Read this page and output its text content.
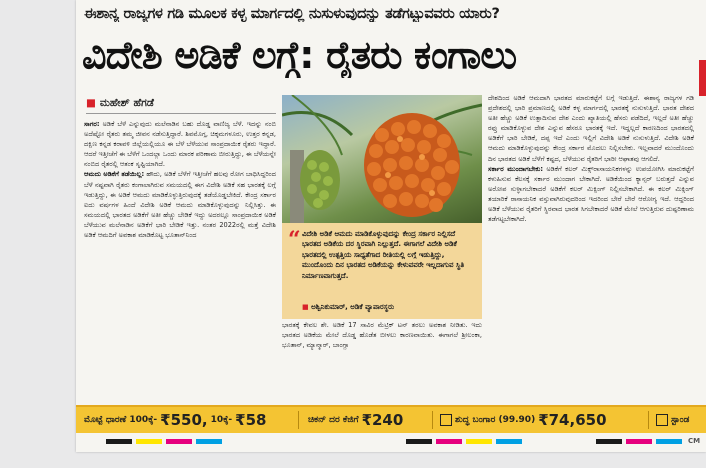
ಈಶಾನ್ಯ ರಾಜ್ಯಗಳ ಗಡಿ ಮೂಲಕ ಕಳ್ಳ ಮಾರ್ಗದಲ್ಲಿ ನುಸುಳುವುದನ್ನು ತಡೆಗಟ್ಟುವವರು ಯಾರು?
ವಿದೇಶಿ ಅಡಿಕೆ ಲಗ್ಗೆ: ರೈತರು ಕಂಗಾಲು
■ ಮಹೇಶ್ ಹೆಗಡೆ

ಸಾಗರ: ಅಡಿಕೆ ಬೆಳೆ ಎನ್ನುವುದು ಮಲೆನಾಡಿನ ಬಹು ದೊಡ್ಡ ವಾಣಿಜ್ಯ ಬೆಳೆ. ಇದನ್ನು ನಂಬಿ ಅದೆಷ್ಟೋ ರೈತರು ತಮ್ಮ ಜೀವನ ನಡೆಸುತ್ತಿದ್ದಾರೆ. ಶಿವಮೊಗ್ಗ, ಚಿಕ್ಕಮಗಳೂರು, ಉತ್ತರ ಕನ್ನಡ, ದಕ್ಷಿಣ ಕನ್ನಡ ಕರಾವಳಿ ಜಿಲ್ಲೆಯಲ್ಲಿಯೂ ಈ ಬೆಳೆ ಬೆಳೆಯುವ ಸಾಂಪ್ರದಾಯಿಕ ರೈತರು ಇದ್ದಾರೆ. ಆದರೆ ಇತ್ತೀಚೆಗೆ ಈ ಬೆಳೆಗೆ ಒಂದಲ್ಲಾ ಒಂದು ಮಾರಕ ಪರಿಣಾಮ ಬೀರುತ್ತಿದ್ದು, ಈ ಬೆಳೆಯನ್ನೇ ನಂಬಿದ ರೈತರಲ್ಲಿ ಆತಂಕ ಸೃಷ್ಟಿಯಾಗಿದೆ.

ಆಮದು ಅಡಿಕೆಗೆ ತಡೆಯಿಲ್ಲ: ಹೌದು, ಅಡಿಕೆ ಬೆಳೆಗೆ ಇತ್ತೀಚೆಗೆ ಹಲವು ರೋಗ ಬಾಧಿಸಿದ್ದರಿಂದ ಬೆಳೆ ನಷ್ಟವಾಗಿ ರೈತರು ಕಂಗಾಲಾಗಿರುವ ಸಮಯದಲ್ಲಿ ಈಗ ವಿದೇಶಿ ಅಡಿಕೆ ಸಹ ಭಾರತಕ್ಕೆ ಲಗ್ಗೆ ಇಡುತ್ತಿದ್ದು, ಈ ಅಡಿಕೆ ಆಮದು ಮಾಡಿಕೊಳ್ಳುತ್ತಿರುವುದಕ್ಕೆ ತಡೆಯೊಡ್ಡಬೇಕಿದೆ. ಕೇಂದ್ರ ಸರ್ಕಾರ ಐದು ವರ್ಷಗಳ ಹಿಂದೆ ವಿದೇಶಿ ಅಡಿಕೆ ಆಮದು ಮಾಡಿಕೊಳ್ಳುವುದನ್ನು ನಿಲ್ಲಿಸಿತ್ತು. ಈ ಸಮಯದಲ್ಲಿ ಭಾರತದ ಅಡಿಕೆಗೆ ಅತೀ ಹೆಚ್ಚು ಬೇಡಿಕೆ ಇದ್ದು ಅದರಲ್ಲೂ ಸಾಂಪ್ರದಾಯಿಕ ಅಡಿಕೆ ಬೆಳೆಯುವ ಮಲೆನಾಡಿನ ಅಡಿಕೆಗೆ ಭಾರಿ ಬೇಡಿಕೆ ಇತ್ತು. ನಂತರ 2022ರಲ್ಲಿ ಮತ್ತೆ ವಿದೇಶಿ ಅಡಿಕೆ ಆಮದಿಗೆ ಅವಕಾಶ ಮಾಡಿಕೊಟ್ಟ ಭೂತಾನ್‌ನಿಂದ	“ ವಿದೇಶಿ ಅಡಿಕೆ ಆಮದು ಮಾಡಿಕೊಳ್ಳುವುದನ್ನು ಕೇಂದ್ರ ಸರ್ಕಾರ ನಿಲ್ಲಿಸದೆ ಭಾರತದ ಅಡಿಕೆಯ ದರ ಸ್ಥಿರವಾಗಿ ನಿಲ್ಲುತ್ತದೆ. ಈಗಾಗಲೆ ವಿದೇಶಿ ಅಡಿಕೆ ಭಾರತದಲ್ಲಿ ಉತ್ಪತ್ತಿಯ ಸಾಧ್ಯತೆಗಾದ ರೀತಿಯಲ್ಲಿ ಲಗ್ಗೆ ಇಡುತ್ತಿದ್ದು, ಮುಂದೊಂದು ದಿನ ಭಾರತದ ಅಡಿಕೆಯನ್ನು ಕೇಳುವವರೇ ಇಲ್ಲದಾಗುವ ಸ್ಥಿತಿ ನಿರ್ಮಾಣವಾಗುತ್ತದೆ.
■ ಅಶ್ವಿನಿಕುಮಾರ್, ಅಡಿಕೆ ವ್ಯಾಪಾರಸ್ಥರು

ಭಾರತಕ್ಕೆ ಕೇವಲ ಶೇ. ಅಡಿಕೆ 17 ಸಾವಿರ ಮೆಟ್ರಿಕ್ ಟನ್ ತರಲು ಅವಕಾಶ ನೀಡಿತು. ಇದು ಭಾರತದ ಅಡಿಕೆಯ ಮೇಲೆ ದೊಡ್ಡ ಹೊಡೆತ ಬೀಳಲು ಕಾರಣವಾಯಿತು. ಈಗಾಗಲೆ ಶ್ರೀಲಂಕಾ, ಭೂತಾನ್, ಮ್ಯಾನ್ಮಾರ್, ಬಾಂಗ್ಲಾ

ದೇಶದಿಂದ ಅಡಿಕೆ ಆಮದಾಗಿ ಭಾರತದ ಮಾರುಕಟ್ಟೆಗೆ ಲಗ್ಗೆ ಇಡುತ್ತಿದೆ. ಈಶಾನ್ಯ ರಾಜ್ಯಗಳ ಗಡಿ ಪ್ರದೇಶದಲ್ಲಿ ಭಾರಿ ಪ್ರಮಾಣದಲ್ಲಿ ಅಡಿಕೆ ಕಳ್ಳ ಮಾರ್ಗದಲ್ಲಿ ಭಾರತಕ್ಕೆ ನುಸುಳುತ್ತಿದೆ. ಭಾರತ ದೇಶದ ಅತೀ ಹೆಚ್ಚು ಅಡಿಕೆ ಉತ್ಪಾದಿಸುವ ದೇಶ ಎಂದು ಖ್ಯಾತಿಯಲ್ಲಿ ಹೆಸರು ಪಡೆದಿದೆ, ಇಲ್ಲದೆ ಅತೀ ಹೆಚ್ಚು ರಫ್ತು ಮಾಡಿಕೊಳ್ಳುವ ದೇಶ ಎನ್ನುವ ಹೆಸರೂ ಭಾರತಕ್ಕೆ ಇದೆ. ಇದ್ದಲ್ಲದೆ ಕಾರಣದಿಂದ ಭಾರತದಲ್ಲಿ ಅಡಿಕೆಗೆ ಭಾರಿ ಬೇಡಿಕೆ, ದಪ್ಪ ಇದೆ ಎಂದು ಇಲ್ಲಿಗೆ ವಿದೇಶಿ ಅಡಿಕೆ ನುಸುಳುತ್ತಿದೆ. ವಿದೇಶಿ ಅಡಿಕೆ ಆಮದು ಮಾಡಿಕೊಳ್ಳುವುದನ್ನು ಕೇಂದ್ರ ಸರ್ಕಾರ ಮೊದಲು ನಿಲ್ಲಿಸಬೇಕು. ಇಲ್ಲವಾದರೆ ಮುಂದೊಂದು ದಿನ ಭಾರತದ ಅಡಿಕೆ ಬೆಳೆಗೆ ಕಷ್ಟದ, ಬೆಳೆಯುವ ರೈತರಿಗೆ ಭಾರೀ ಆಘಾತವು ಆಗಲಿದೆ.

ಸರ್ಕಾರ ಮುಂದಾಗಬೇಕು: ಅಡಿಕೆಗೆ ಕಲರ್ ಮಿಕ್ಸ್‌ರಾಸಾಯನಿಕಗಳನ್ನು ಉಪಯೋಗಿಸಿ ಮಾರುಕಟ್ಟೆಗೆ ಕಳುಹಿಸುವ ಕೆಲಸಕ್ಕೆ ಸರ್ಕಾರ ಮುಂದಾಗ ಬೇಕಾಗಿದೆ. ಅಡಿಕೆಯಿಂದ ಕ್ಯಾನ್ಸರ್ ಬರುತ್ತದೆ ಎನ್ನುವ ಅರೋಪ ಸುಳ್ಳಾಗಬೇಕಾದರೆ ಅಡಿಕೆಗೆ ಕಲರ್ ಮಿಕ್ಸಿಂಗ್ ನಿಲ್ಲಿಸಬೇಕಾಗಿದೆ. ಈ ಕಲರ್ ಮಿಕ್ಸಿಂಗ್ ತಯಾರಿಕೆ ರಾಸಾಯನಿಕ ವಸ್ತುವಾಗಿರುವುದರಿಂದ ಇದರಿಂದ ಬೇರೆ ಬೇರೆ ಆರೋಗ್ಯ ಇದೆ. ಆದ್ದರಿಂದ ಅಡಿಕೆ ಬೆಳೆಯುವ ರೈತರಿಗೆ ಸ್ಥಿರವಾದ ಭಾರತ ಸಿಗಬೇಕಾದರೆ ಅಡಿಕೆ ಮೇಲೆ ಆಗುತ್ತಿರುವ ದುಷ್ಪರಿಣಾಮ ತಡೆಗಟ್ಟಬೇಕಾಗಿದೆ.

ಮೊಟ್ಟೆ ಧಾರಣೆ 100ಕ್ಕೆ- ₹550, 10ಕ್ಕೆ- ₹58	ಚಿಕನ್ ದರ ಕೆಜಿಗೆ ₹240	ಶುದ್ಧ ಬಂಗಾರ (99.90) ₹74,650	ಸ್ಟಾಂಡ
CM
